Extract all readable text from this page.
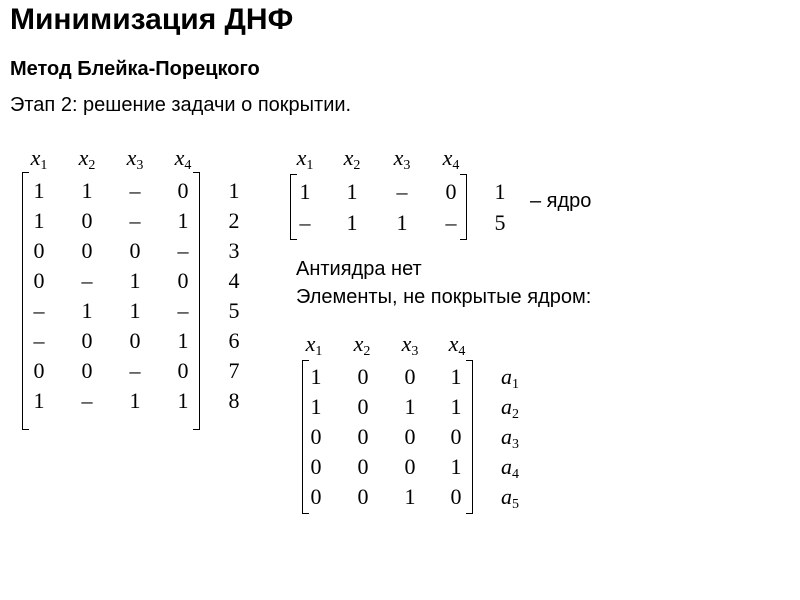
Минимизация ДНФ
Метод Блейка-Порецкого
Этап 2: решение задачи о покрытии.
$x_1$	$x_2$	$x_3$	$x_4$
1	1	–	0	1
1	0	–	1	2
0	0	0	–	3
0	–	1	0	4
–	1	1	–	5
–	0	0	1	6
0	0	–	0	7
1	–	1	1	8
$x_1$	$x_2$	$x_3$	$x_4$
1	1	–	0	1
–	1	1	–	5
– ядро
Антиядра нет
Элементы, не покрытые ядром:
$x_1$	$x_2$	$x_3$	$x_4$
1	0	0	1	$a_1$
1	0	1	1	$a_2$
0	0	0	0	$a_3$
0	0	0	1	$a_4$
0	0	1	0	$a_5$
